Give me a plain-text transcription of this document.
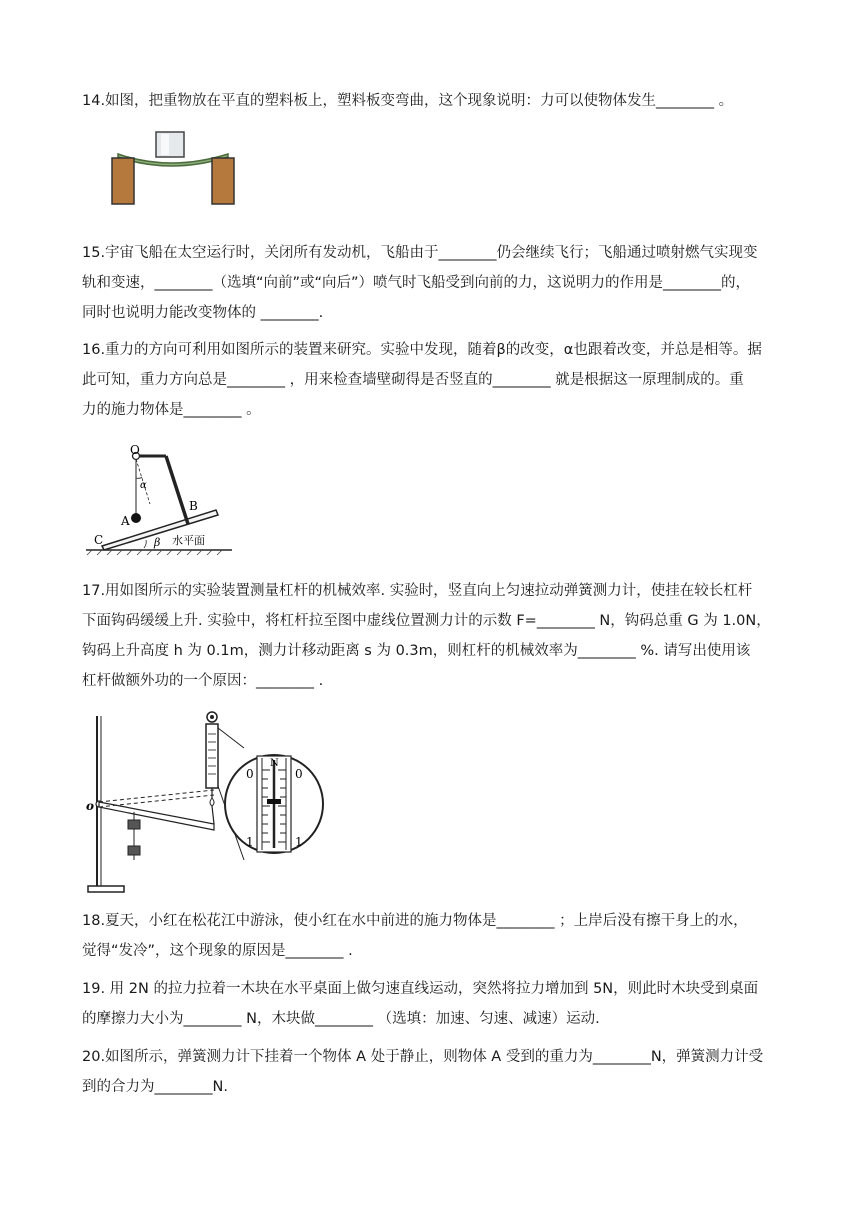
14.如图，把重物放在平直的塑料板上，塑料板变弯曲，这个现象说明：力可以使物体发生________ 。

15.宇宙飞船在太空运行时，关闭所有发动机，飞船由于________仍会继续飞行；飞船通过喷射燃气实现变

轨和变速，________（选填“向前”或“向后”）喷气时飞船受到向前的力，这说明力的作用是________的，

同时也说明力能改变物体的 ________.

16.重力的方向可利用如图所示的装置来研究。实验中发现，随着β的改变，α也跟着改变，并总是相等。据

此可知，重力方向总是________ ，用来检查墙壁砌得是否竖直的________ 就是根据这一原理制成的。重

力的施力物体是________ 。

O
α
A
B
C	β 水平面

17.用如图所示的实验装置测量杠杆的机械效率. 实验时，竖直向上匀速拉动弹簧测力计，使挂在较长杠杆

下面钩码缓缓上升. 实验中，将杠杆拉至图中虚线位置测力计的示数 F=________ N，钩码总重 G 为 1.0N，

钩码上升高度 h 为 0.1m，测力计移动距离 s 为 0.3m，则杠杆的机械效率为________ %. 请写出使用该

杠杆做额外功的一个原因：________ .

o
N
0	0
1	1

18.夏天，小红在松花江中游泳，使小红在水中前进的施力物体是________ ；上岸后没有擦干身上的水，

觉得“发冷”，这个现象的原因是________ .

19. 用 2N 的拉力拉着一木块在水平桌面上做匀速直线运动，突然将拉力增加到 5N，则此时木块受到桌面

的摩擦力大小为________ N，木块做________ （选填：加速、匀速、减速）运动.

20.如图所示，弹簧测力计下挂着一个物体 A 处于静止，则物体 A 受到的重力为________N，弹簧测力计受

到的合力为________N.
